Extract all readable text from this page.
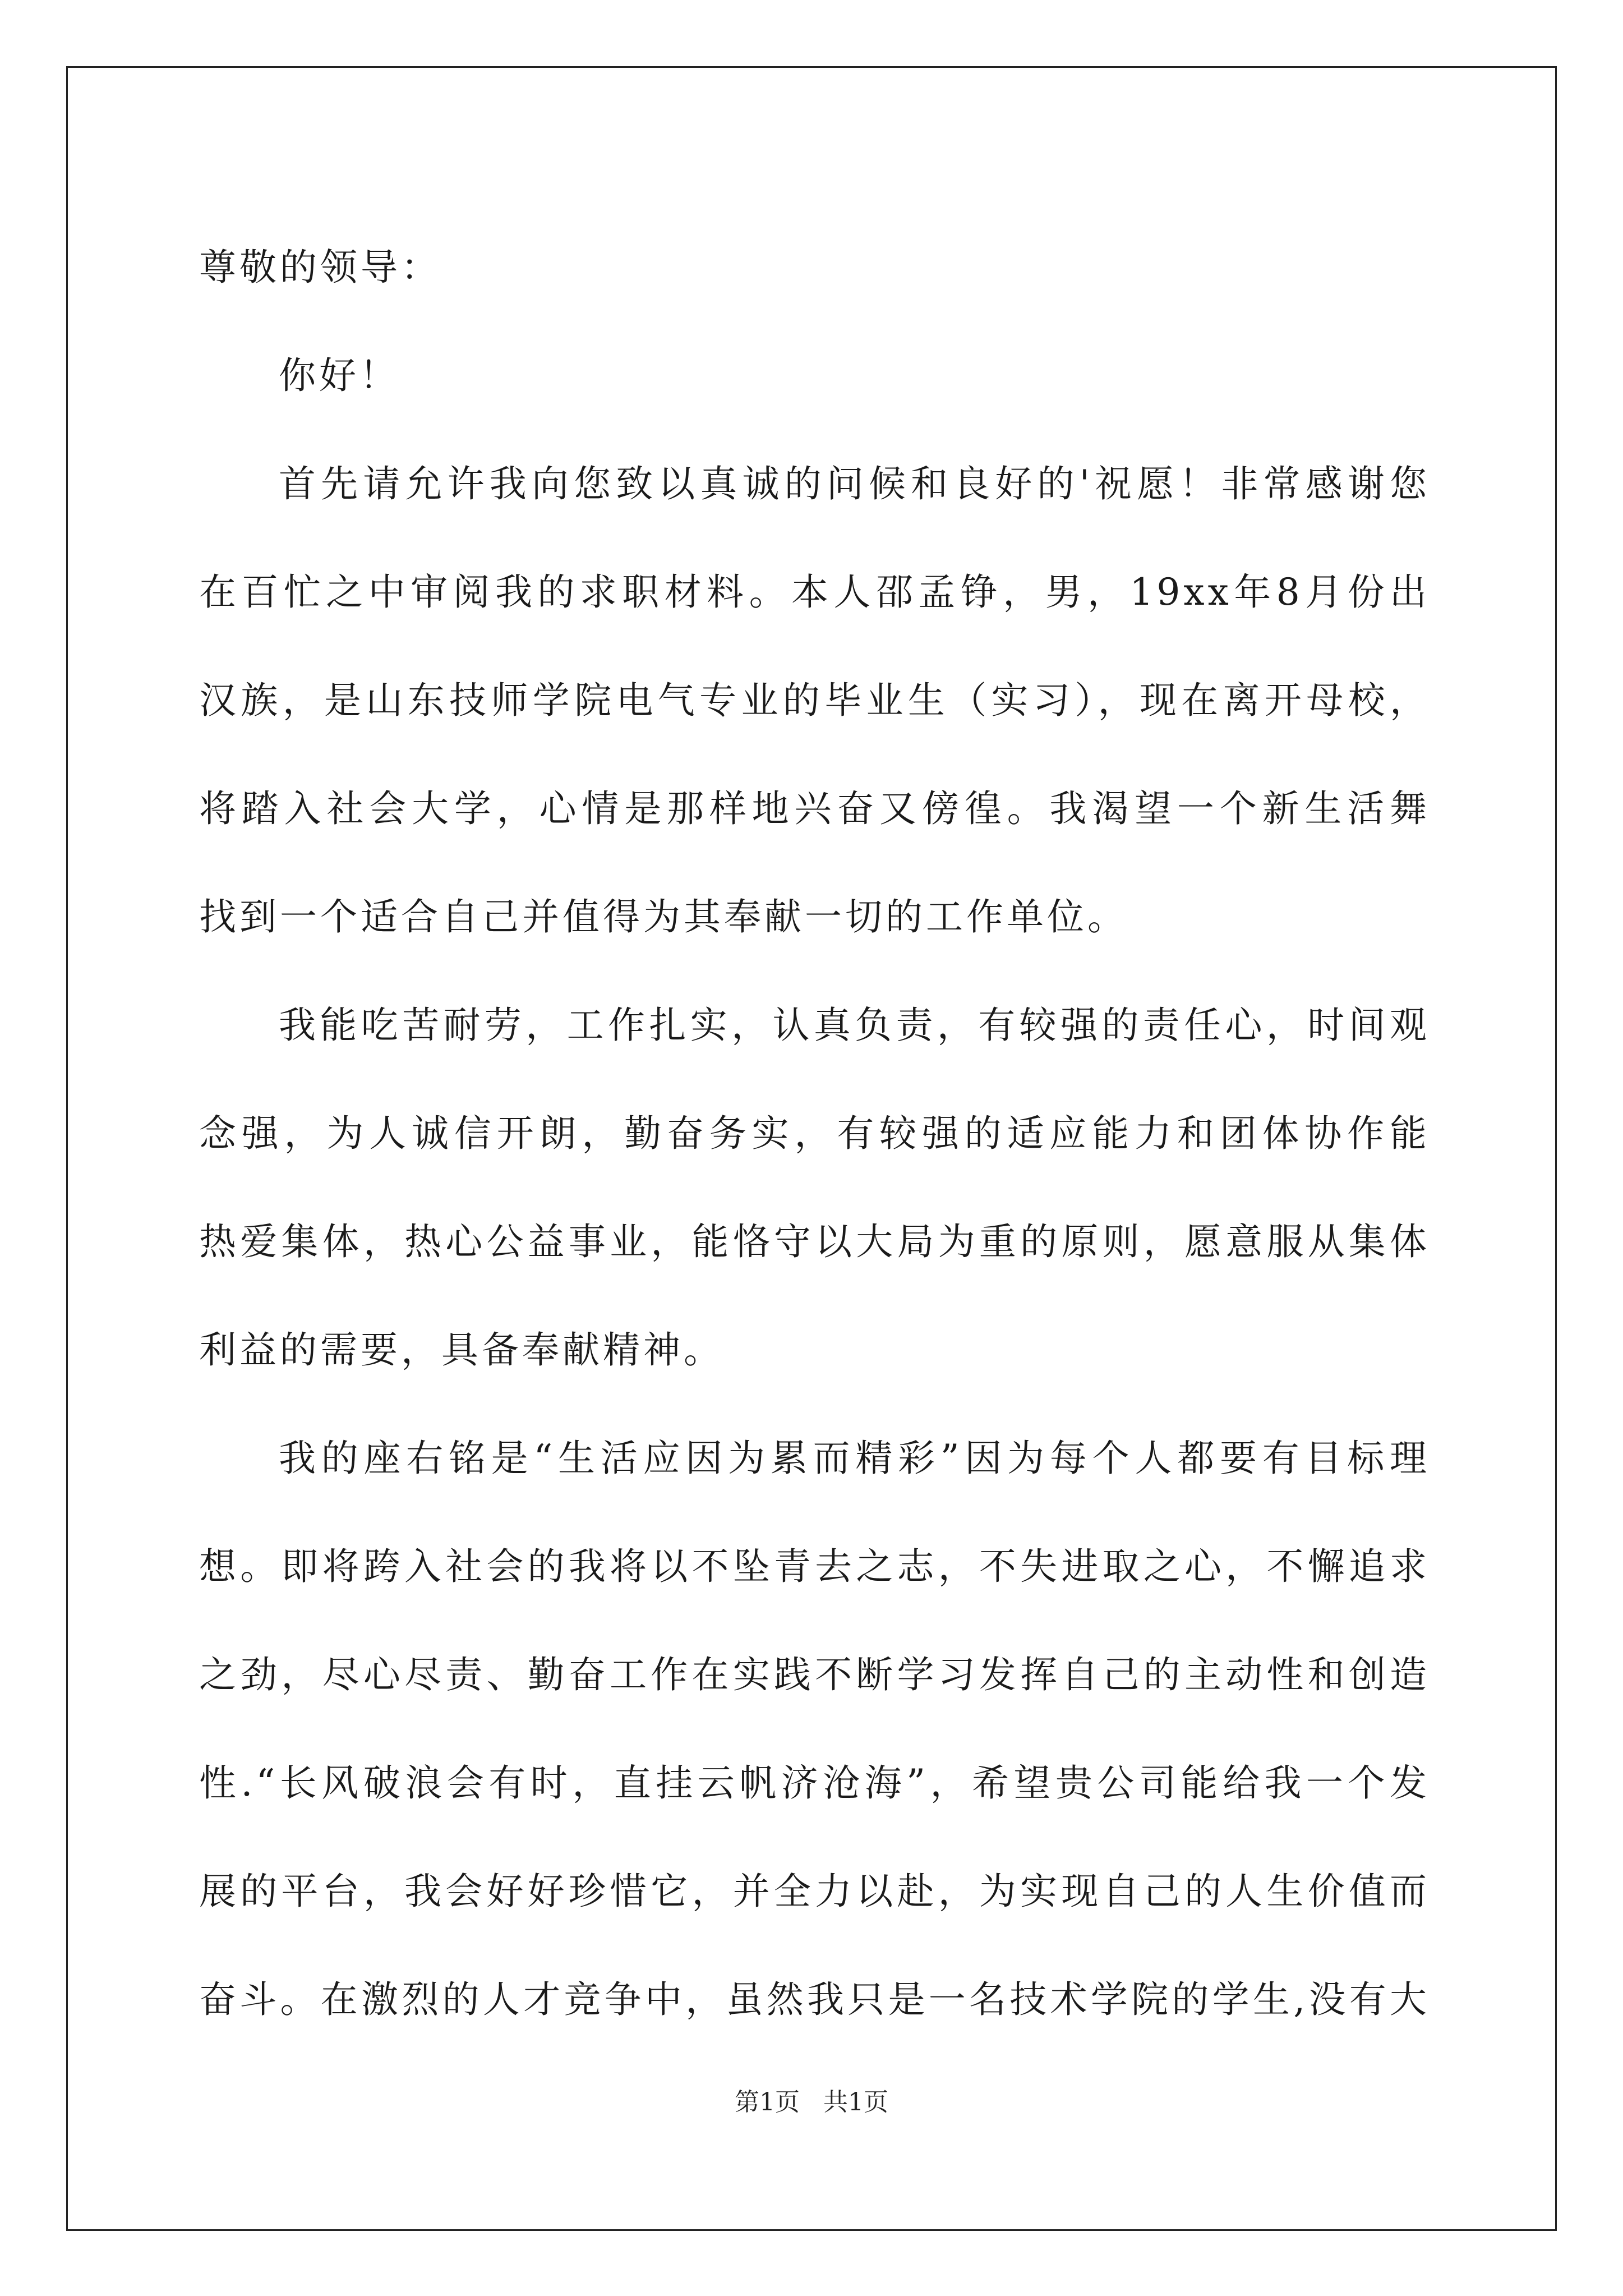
尊敬的领导：
你好！
首先请允许我向您致以真诚的问候和良好的'祝愿！非常感谢您
在百忙之中审阅我的求职材料。本人邵孟铮，男，19xx年8月份出
汉族，是山东技师学院电气专业的毕业生（实习），现在离开母校，
将踏入社会大学，心情是那样地兴奋又傍徨。我渴望一个新生活舞
找到一个适合自己并值得为其奉献一切的工作单位。
我能吃苦耐劳，工作扎实，认真负责，有较强的责任心，时间观
念强，为人诚信开朗，勤奋务实，有较强的适应能力和团体协作能
热爱集体，热心公益事业，能恪守以大局为重的原则，愿意服从集体
利益的需要，具备奉献精神。
我的座右铭是“生活应因为累而精彩”因为每个人都要有目标理
想。即将跨入社会的我将以不坠青去之志，不失进取之心，不懈追求
之劲，尽心尽责、勤奋工作在实践不断学习发挥自己的主动性和创造
性.“长风破浪会有时，直挂云帆济沧海”，希望贵公司能给我一个发
展的平台，我会好好珍惜它，并全力以赴，为实现自己的人生价值而
奋斗。在激烈的人才竞争中，虽然我只是一名技术学院的学生,没有大
第1页 共1页
